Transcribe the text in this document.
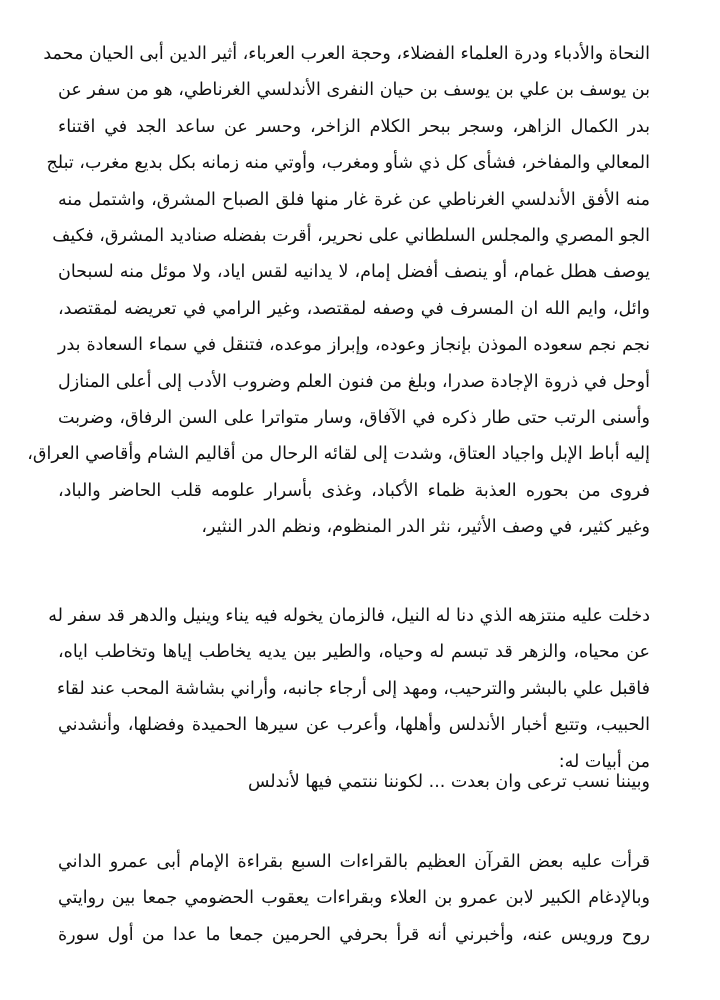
النحاة والأدباء ودرة العلماء الفضلاء، وحجة العرب العرباء، أثير الدين أبى الحيان محمد
بن يوسف بن علي بن يوسف بن حيان النفرى الأندلسي الغرناطي، هو من سفر عن
بدر الكمال الزاهر، وسجر ببحر الكلام الزاخر، وحسر عن ساعد الجد في اقتناء
المعالي والمفاخر، فشأى كل ذي شأو ومغرب، وأوتي منه زمانه بكل بديع مغرب، تبلج
منه الأفق الأندلسي الغرناطي عن غرة غار منها فلق الصباح المشرق، واشتمل منه
الجو المصري والمجلس السلطاني على نحرير، أقرت بفضله صناديد المشرق، فكيف
يوصف هطل غمام، أو ينصف أفضل إمام، لا يدانيه لقس اياد، ولا موئل منه لسبحان
وائل، وايم الله ان المسرف في وصفه لمقتصد، وغير الرامي في تعريضه لمقتصد،
نجم نجم سعوده الموذن بإنجاز وعوده، وإبراز موعده، فتنقل في سماء السعادة بدر
أوحل في ذروة الإجادة صدرا، وبلغ من فنون العلم وضروب الأدب إلى أعلى المنازل
وأسنى الرتب حتى طار ذكره في الآفاق، وسار متواترا على السن الرفاق، وضربت
إليه أباط الإبل واجياد العتاق، وشدت إلى لقائه الرحال من أقاليم الشام وأقاصي العراق،
فروى من بحوره العذبة ظماء الأكباد، وغذى بأسرار علومه قلب الحاضر والباد،
وغير كثير، في وصف الأثير، نثر الدر المنظوم، ونظم الدر النثير،
دخلت عليه منتزهه الذي دنا له النيل، فالزمان يخوله فيه يناء وينيل والدهر قد سفر له
عن محياه، والزهر قد تبسم له وحياه، والطير بين يديه يخاطب إياها وتخاطب اياه،
فاقبل علي بالبشر والترحيب، ومهد إلى أرجاء جانبه، وأراني بشاشة المحب عند لقاء
الحبيب، وتتبع أخبار الأندلس وأهلها، وأعرب عن سيرها الحميدة وفضلها، وأنشدني
من أبيات له:
وبيننا نسب ترعى وان بعدت ... لكوننا ننتمي فيها لأندلس
قرأت عليه بعض القرآن العظيم بالقراءات السبع بقراءة الإمام أبى عمرو الداني
وبالإدغام الكبير لابن عمرو بن العلاء وبقراءات يعقوب الحضومي جمعا بين روايتي
روح ورويس عنه، وأخبرني أنه قرأ بحرفي الحرمين جمعا ما عدا من أول سورة
